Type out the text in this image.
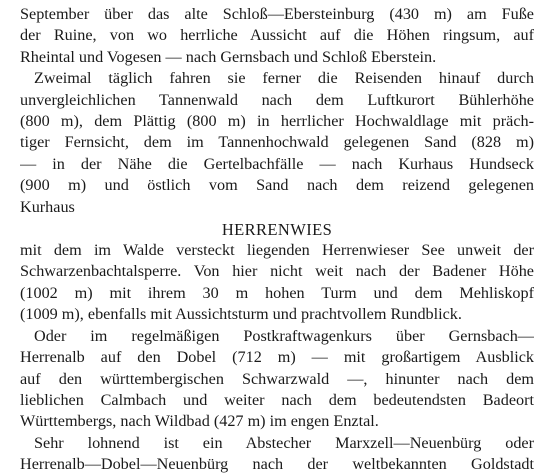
September über das alte Schloß—Ebersteinburg (430 m) am Fuße
der Ruine, von wo herrliche Aussicht auf die Höhen ringsum, auf
Rheintal und Vogesen — nach Gernsbach und Schloß Eberstein.
Zweimal täglich fahren sie ferner die Reisenden hinauf durch
unvergleichlichen Tannenwald nach dem Luftkurort Bühlerhöhe
(800 m), dem Plättig (800 m) in herrlicher Hochwaldlage mit präch-
tiger Fernsicht, dem im Tannenhochwald gelegenen Sand (828 m)
— in der Nähe die Gertelbachfälle — nach Kurhaus Hundseck
(900 m) und östlich vom Sand nach dem reizend gelegenen
Kurhaus
HERRENWIES
mit dem im Walde versteckt liegenden Herrenwieser See unweit der
Schwarzenbachtalsperre. Von hier nicht weit nach der Badener Höhe
(1002 m) mit ihrem 30 m hohen Turm und dem Mehliskopf
(1009 m), ebenfalls mit Aussichtsturm und prachtvollem Rundblick.
Oder im regelmäßigen Postkraftwagenkurs über Gernsbach—
Herrenalb auf den Dobel (712 m) — mit großartigem Ausblick
auf den württembergischen Schwarzwald —, hinunter nach dem
lieblichen Calmbach und weiter nach dem bedeutendsten Badeort
Württembergs, nach Wildbad (427 m) im engen Enztal.
Sehr lohnend ist ein Abstecher Marxzell—Neuenbürg oder
Herrenalb—Dobel—Neuenbürg nach der weltbekannten Goldstadt
